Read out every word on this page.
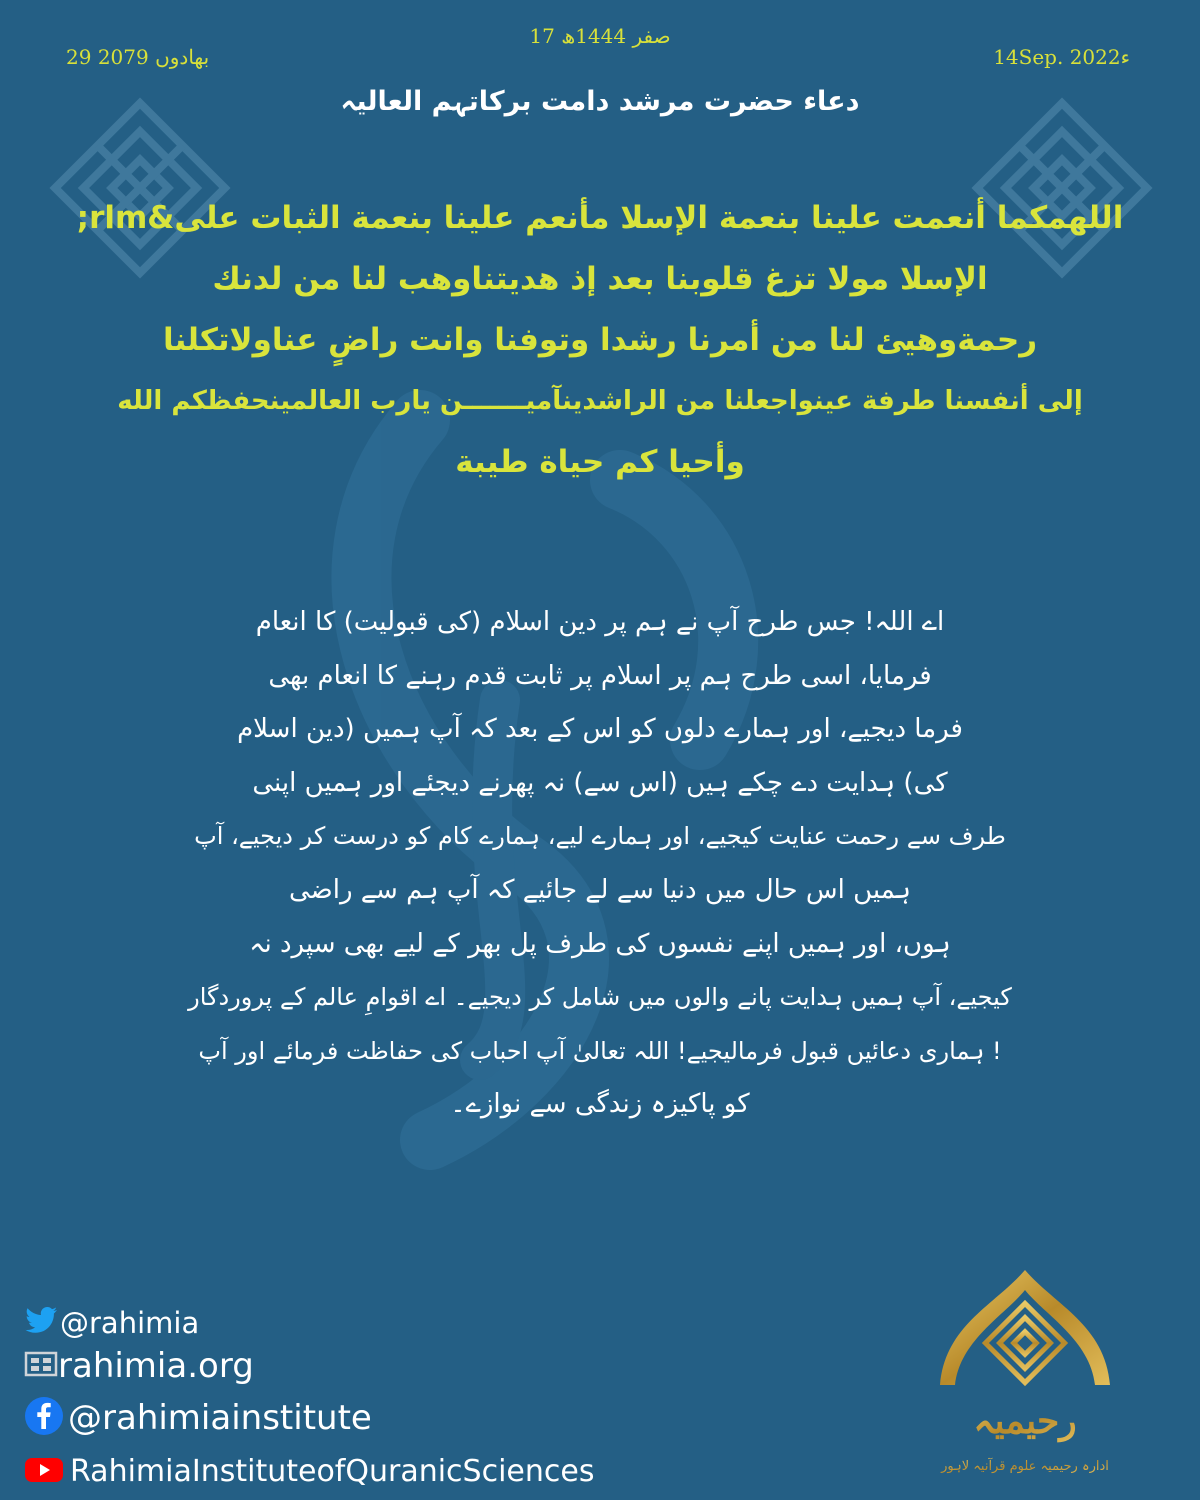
29 بھادوں 2079
17 صفر 1444ھ
14Sep. 2022ء
دعاء حضرت مرشد دامت برکاتہم العالیہ
اللهمكما أنعمت علينا بنعمة الإسلا مأنعم علينا بنعمة الثبات على&rlm;
الإسلا مولا تزغ قلوبنا بعد إذ هديتناوهب لنا من لدنك
رحمةوهيئ لنا من أمرنا رشدا وتوفنا وانت راضٍ عناولاتكلنا
إلى أنفسنا طرفة عينواجعلنا من الراشدينآميـــــــن يارب العالمينحفظكم الله
وأحيا كم حياة طيبة
اے اللہ! جس طرح آپ نے ہم پر دین اسلام (کی قبولیت) کا انعام
فرمایا، اسی طرح ہم پر اسلام پر ثابت قدم رہنے کا انعام بھی
فرما دیجیے، اور ہمارے دلوں کو اس کے بعد کہ آپ ہمیں (دین اسلام
کی) ہدایت دے چکے ہیں (اس سے) نہ پھرنے دیجئے اور ہمیں اپنی
طرف سے رحمت عنایت کیجیے، اور ہمارے لیے، ہمارے کام کو درست کر دیجیے، آپ
ہمیں اس حال میں دنیا سے لے جائیے کہ آپ ہم سے راضی
ہوں، اور ہمیں اپنے نفسوں کی طرف پل بھر کے لیے بھی سپرد نہ
کیجیے، آپ ہمیں ہدایت پانے والوں میں شامل کر دیجیے۔ اے اقوامِ عالم کے پروردگار
! ہماری دعائیں قبول فرمالیجیے! اللہ تعالیٰ آپ احباب کی حفاظت فرمائے اور آپ
کو پاکیزہ زندگی سے نوازے۔
@rahimia
rahimia.org
@rahimiainstitute
RahimiaInstituteofQuranicSciences
رحیمیہ
ادارہ رحیمیہ علوم قرآنیہ لاہور
